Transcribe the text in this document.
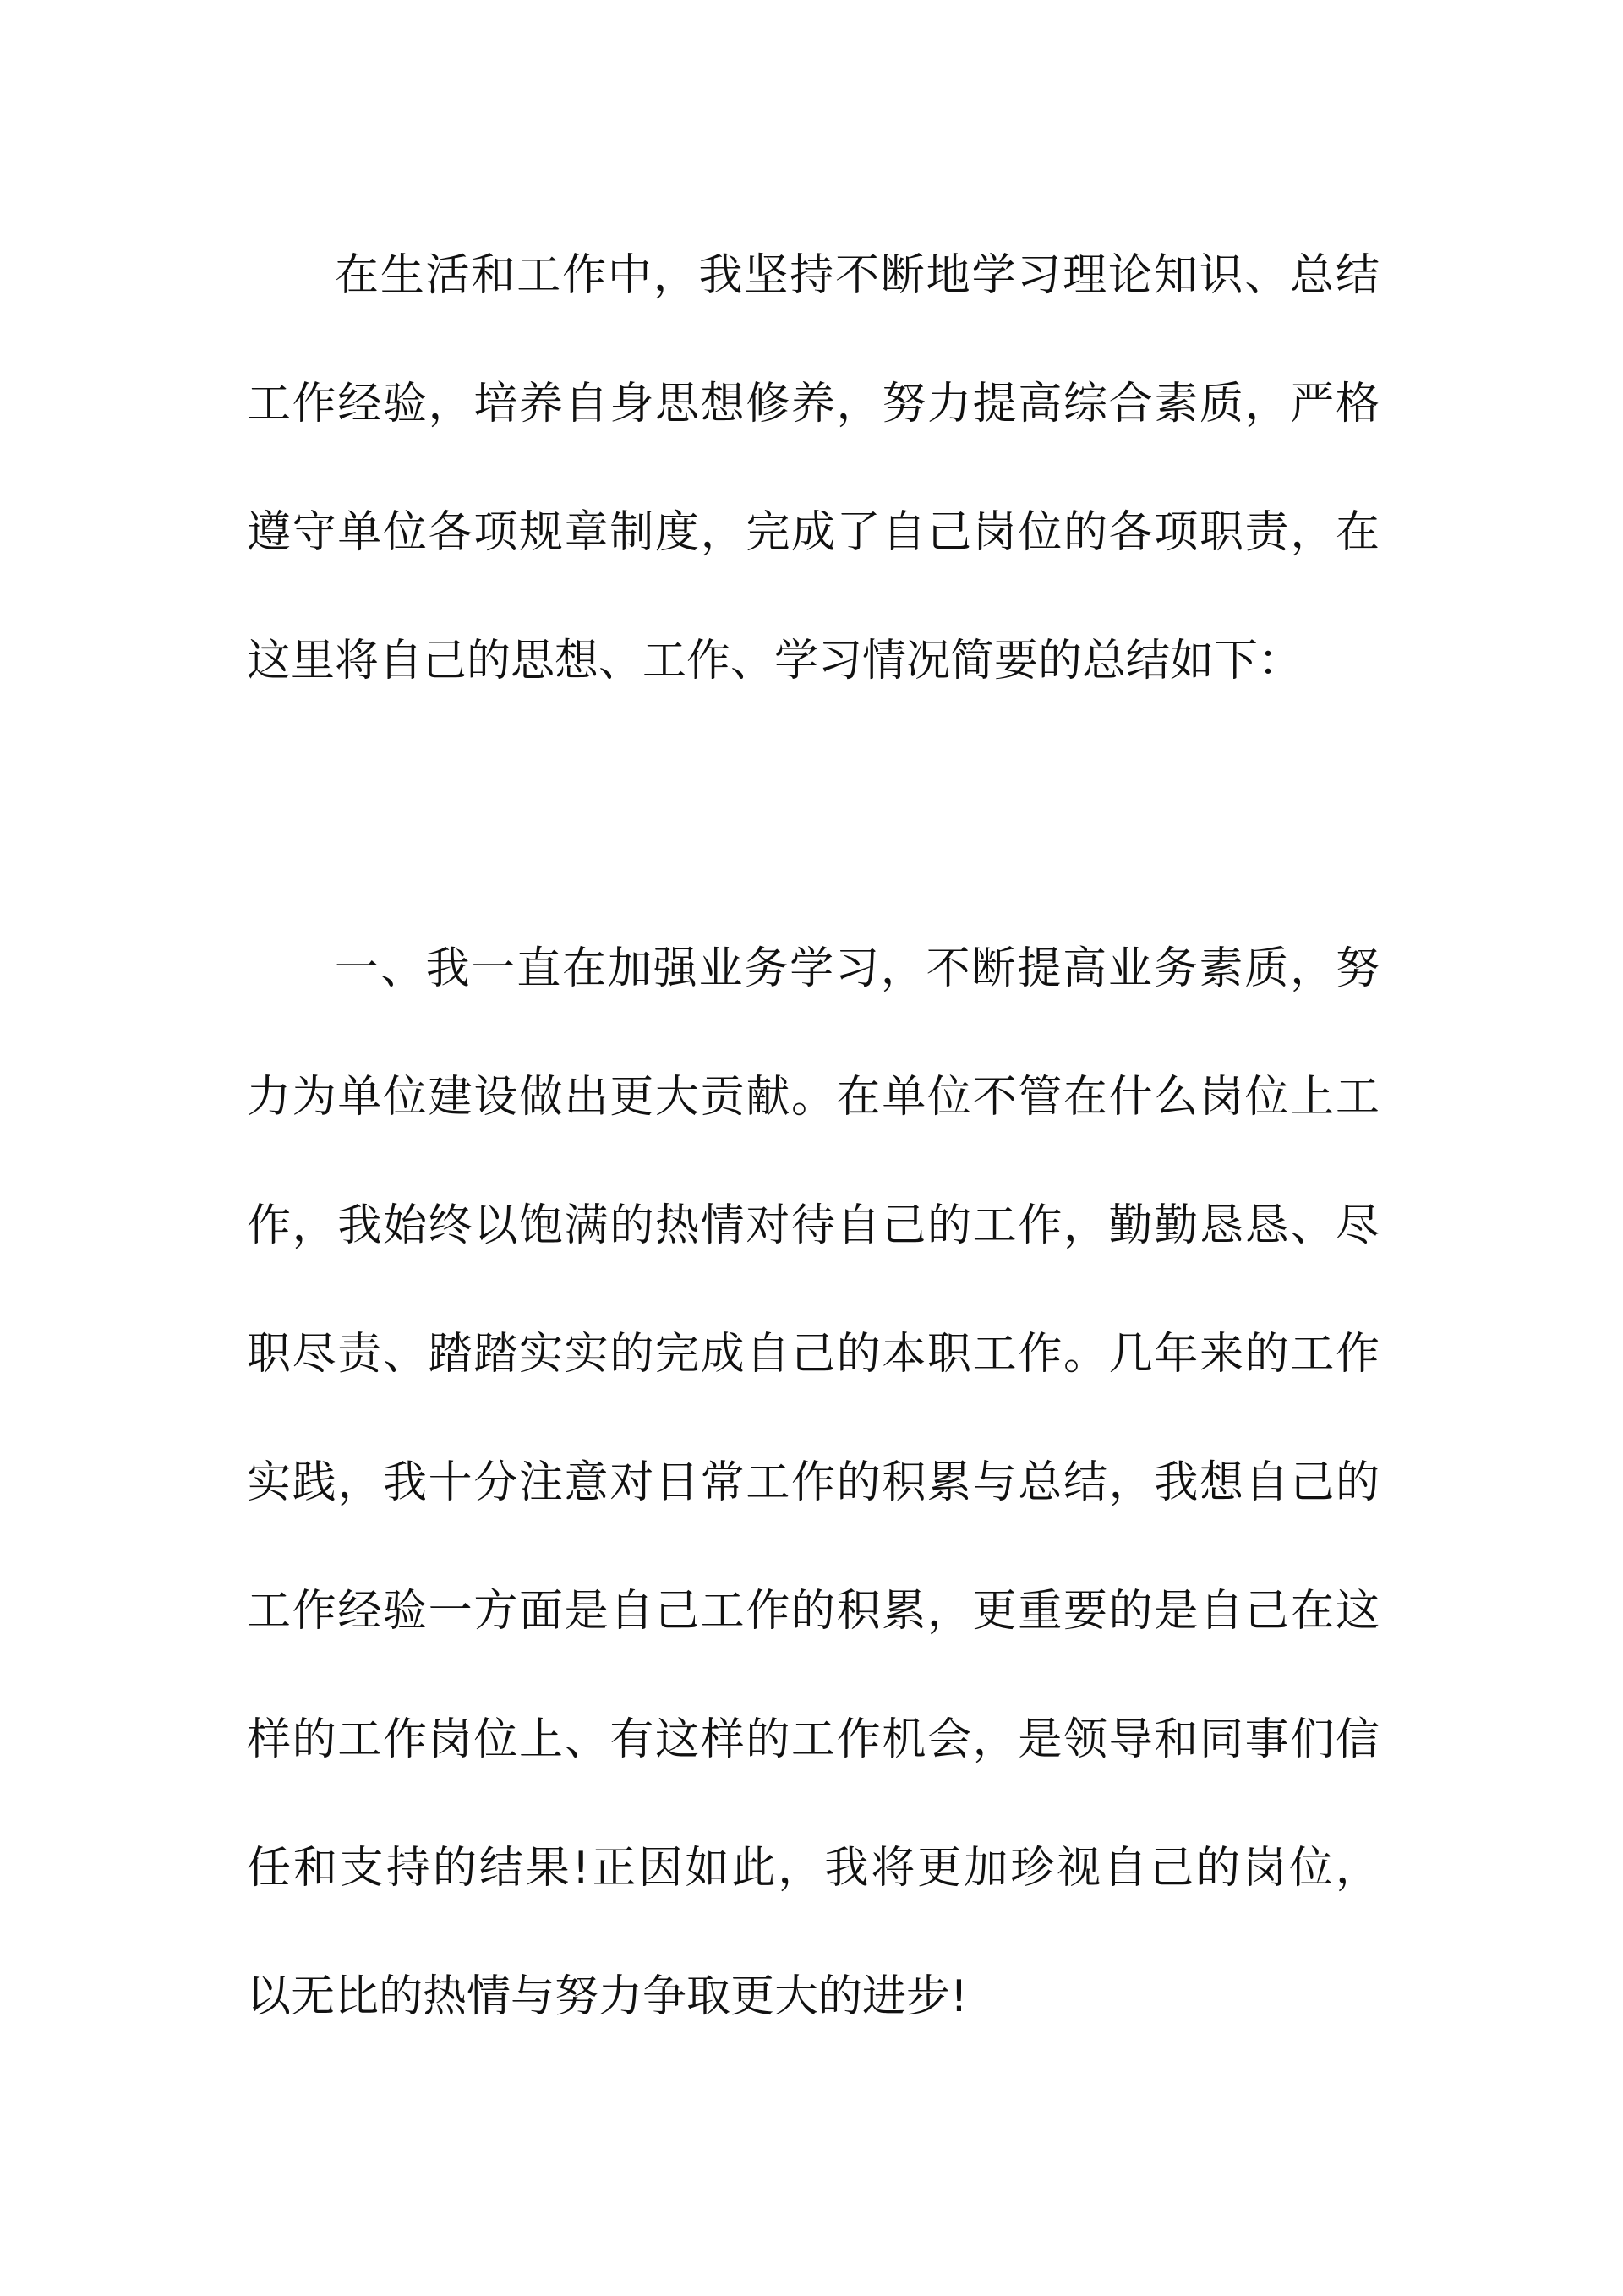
在生活和工作中，我坚持不断地学习理论知识、总结
工作经验，培养自身思想修养，努力提高综合素质，严格
遵守单位各项规章制度，完成了自己岗位的各项职责，在
这里将自己的思想、工作、学习情况简要的总结如下：
一、我一直在加强业务学习，不断提高业务素质，努
力为单位建设做出更大贡献。在单位不管在什么岗位上工
作，我始终以饱满的热情对待自己的工作，勤勤恳恳、尽
职尽责、踏踏实实的完成自己的本职工作。几年来的工作
实践，我十分注意对日常工作的积累与总结，我想自己的
工作经验一方面是自己工作的积累，更重要的是自己在这
样的工作岗位上、有这样的工作机会，是领导和同事们信
任和支持的结果!正因如此，我将更加珍视自己的岗位，
以无比的热情与努力争取更大的进步!
